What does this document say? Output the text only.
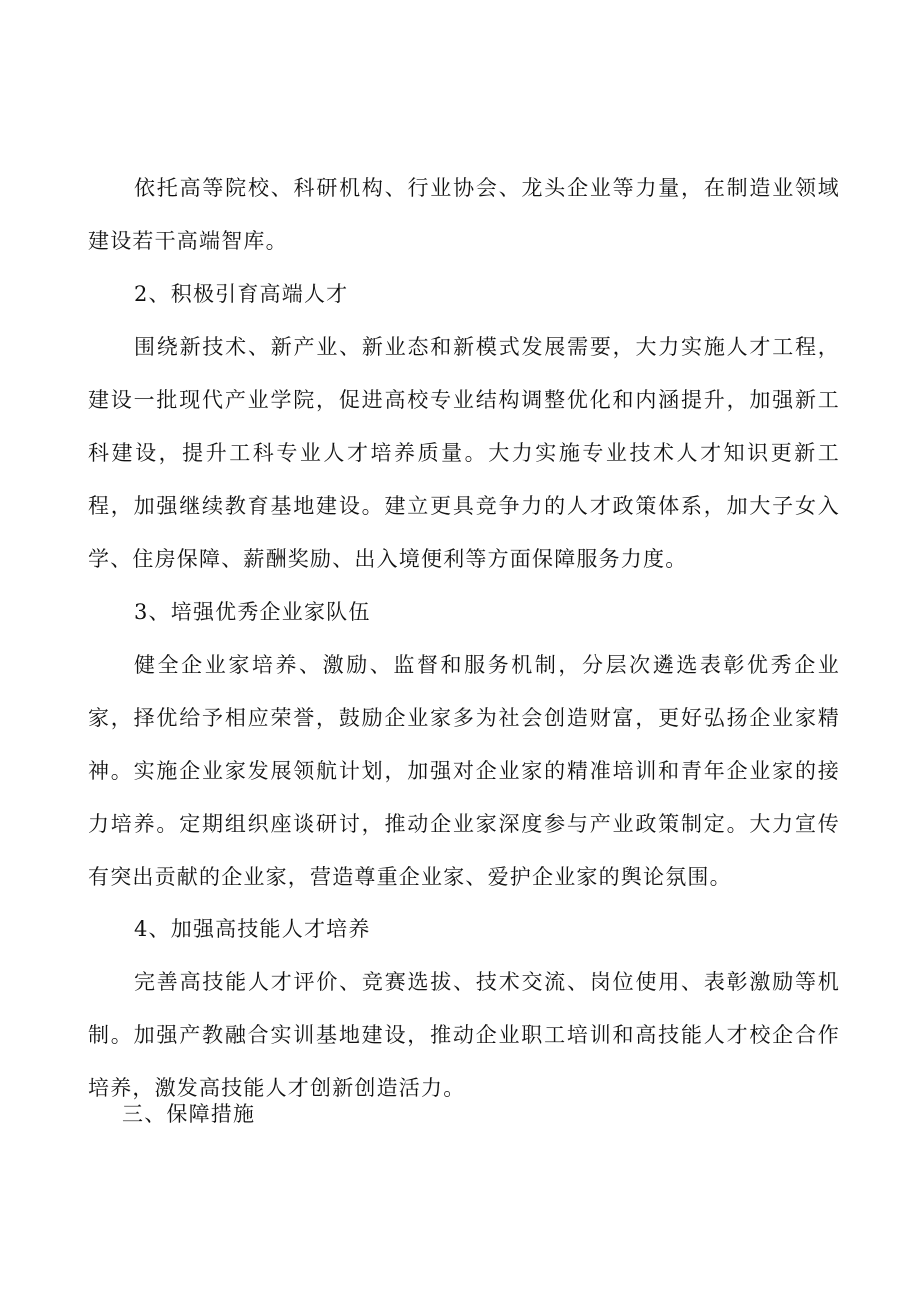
依托高等院校、科研机构、行业协会、龙头企业等力量，在制造业领域建设若干高端智库。

2、积极引育高端人才

围绕新技术、新产业、新业态和新模式发展需要，大力实施人才工程，建设一批现代产业学院，促进高校专业结构调整优化和内涵提升，加强新工科建设，提升工科专业人才培养质量。大力实施专业技术人才知识更新工程，加强继续教育基地建设。建立更具竞争力的人才政策体系，加大子女入学、住房保障、薪酬奖励、出入境便利等方面保障服务力度。

3、培强优秀企业家队伍

健全企业家培养、激励、监督和服务机制，分层次遴选表彰优秀企业家，择优给予相应荣誉，鼓励企业家多为社会创造财富，更好弘扬企业家精神。实施企业家发展领航计划，加强对企业家的精准培训和青年企业家的接力培养。定期组织座谈研讨，推动企业家深度参与产业政策制定。大力宣传有突出贡献的企业家，营造尊重企业家、爱护企业家的舆论氛围。

4、加强高技能人才培养

完善高技能人才评价、竞赛选拔、技术交流、岗位使用、表彰激励等机制。加强产教融合实训基地建设，推动企业职工培训和高技能人才校企合作培养，激发高技能人才创新创造活力。

三、保障措施
